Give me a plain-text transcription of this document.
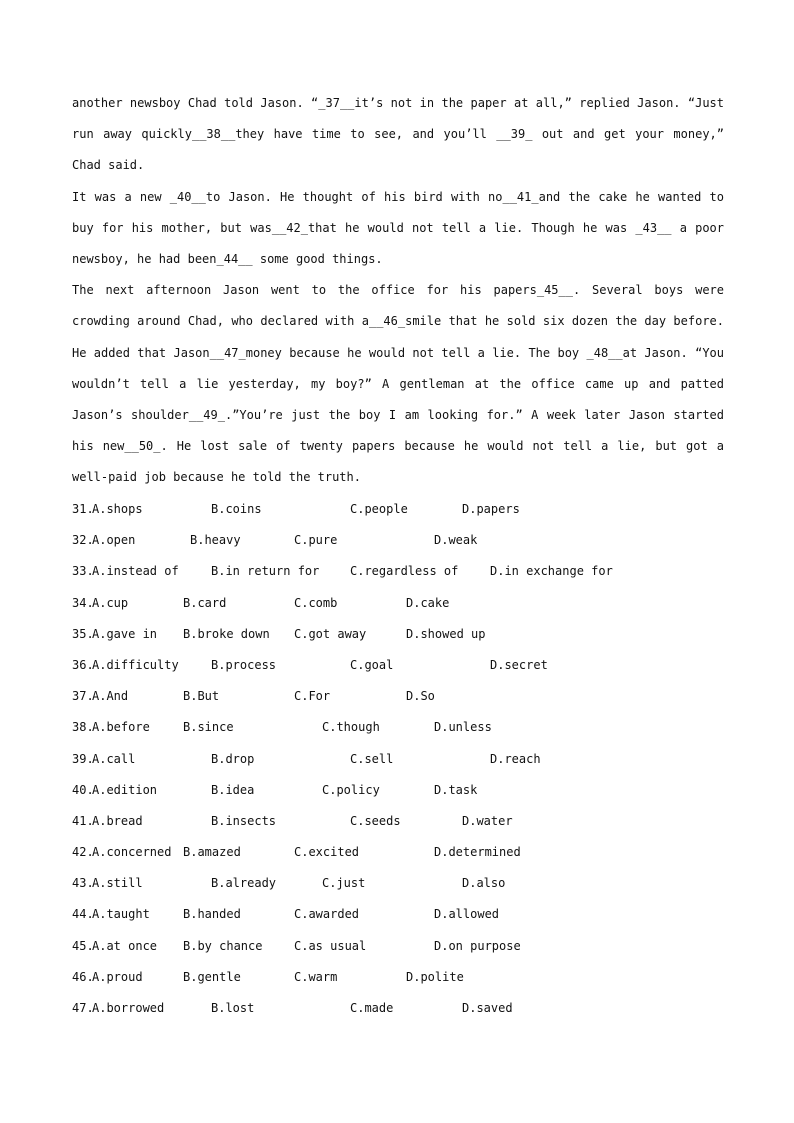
another newsboy Chad told Jason. “_37__it’s not in the paper at all,” replied Jason. “Just run away quickly__38__they have time to see, and you’ll __39_ out and get your money,” Chad said.

It was a new _40__to Jason. He thought of his bird with no__41_and the cake he wanted to buy for his mother, but was__42_that he would not tell a lie. Though he was _43__ a poor newsboy, he had been_44__ some good things.

The next afternoon Jason went to the office for his papers_45__. Several boys were crowding around Chad, who declared with a__46_smile that he sold six dozen the day before. He added that Jason__47_money because he would not tell a lie. The boy _48__at Jason. “You wouldn’t tell a lie yesterday, my boy?” A gentleman at the office came up and patted Jason’s shoulder__49_.”You’re just the boy I am looking for.” A week later Jason started his new__50_. He lost sale of twenty papers because he would not tell a lie, but got a well-paid job because he told the truth.

31.
A.shops	B.coins	C.people	D.papers
32.
A.open	B.heavy	C.pure	D.weak
33.
A.instead of	B.in return for	C.regardless of	D.in exchange for
34.
A.cup	B.card	C.comb	D.cake
35.
A.gave in B.broke down C.got away	D.showed up
36.
A.difficulty	B.process	C.goal	D.secret
37.
A.And	B.But	C.For	D.So
38.
A.before	B.since	C.though	D.unless
39.
A.call	B.drop	C.sell	D.reach
40.
A.edition	B.idea	C.policy	D.task
41.
A.bread	B.insects	C.seeds	D.water
42.
A.concerned B.amazed	C.excited	D.determined
43.
A.still	B.already	C.just	D.also
44.
A.taught	B.handed	C.awarded	D.allowed
45.
A.at once B.by chance	C.as usual	D.on purpose
46.
A.proud	B.gentle	C.warm	D.polite
47.
A.borrowed	B.lost	C.made	D.saved
